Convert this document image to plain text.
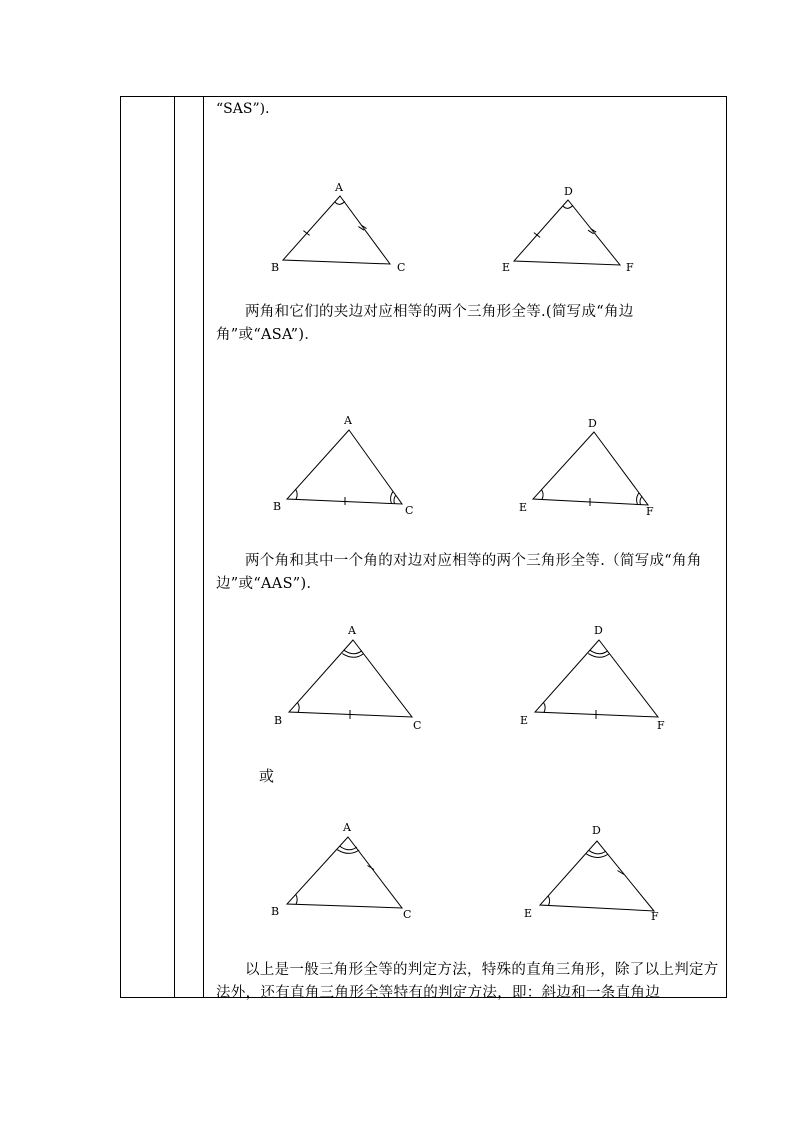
“SAS”)．
两角和它们的夹边对应相等的两个三角形全等.(简写成“角边角”或“ASA”)．
两个角和其中一个角的对边对应相等的两个三角形全等.（简写成“角角边”或“AAS”)．
或
以上是一般三角形全等的判定方法，特殊的直角三角形，除了以上判定方法外，还有直角三角形全等特有的判定方法，即：斜边和一条直角边
A
B	C
D
E	F
A
B	C
D
E	F
A
B	C
D
E	F
A
B	C
D
E	F
